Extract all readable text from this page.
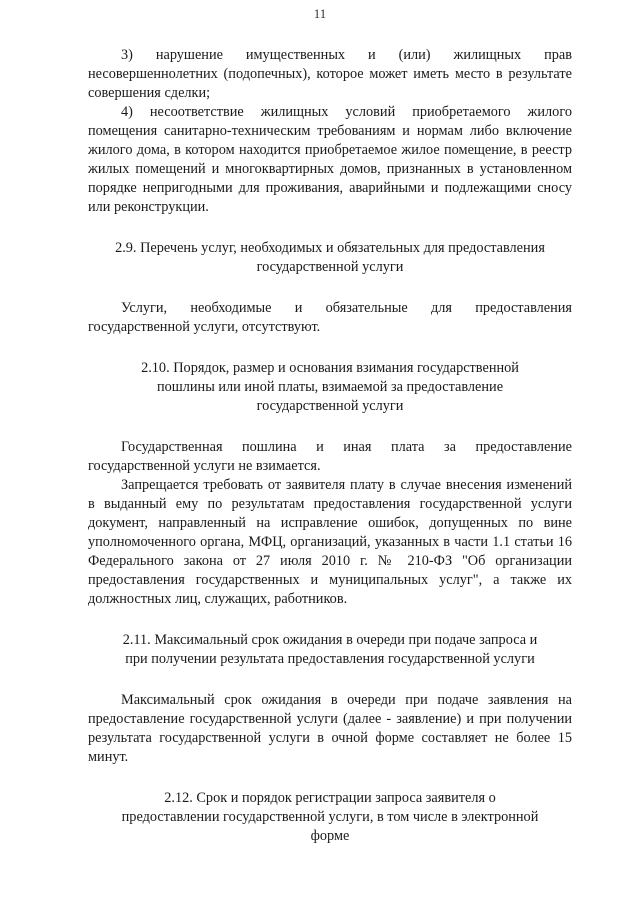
11

3) нарушение имущественных и (или) жилищных прав несовершеннолетних (подопечных), которое может иметь место в результате совершения сделки;

4) несоответствие жилищных условий приобретаемого жилого помещения санитарно-техническим требованиям и нормам либо включение жилого дома, в котором находится приобретаемое жилое помещение, в реестр жилых помещений и многоквартирных домов, признанных в установленном порядке непригодными для проживания, аварийными и подлежащими сносу или реконструкции.

2.9. Перечень услуг, необходимых и обязательных для предоставления государственной услуги

Услуги, необходимые и обязательные для предоставления государственной услуги, отсутствуют.

2.10. Порядок, размер и основания взимания государственной пошлины или иной платы, взимаемой за предоставление государственной услуги

Государственная пошлина и иная плата за предоставление государственной услуги не взимается.

Запрещается требовать от заявителя плату в случае внесения изменений в выданный ему по результатам предоставления государственной услуги документ, направленный на исправление ошибок, допущенных по вине уполномоченного органа, МФЦ, организаций, указанных в части 1.1 статьи 16 Федерального закона от 27 июля 2010 г. № 210-ФЗ "Об организации предоставления государственных и муниципальных услуг", а также их должностных лиц, служащих, работников.

2.11. Максимальный срок ожидания в очереди при подаче запроса и при получении результата предоставления государственной услуги

Максимальный срок ожидания в очереди при подаче заявления на предоставление государственной услуги (далее - заявление) и при получении результата государственной услуги в очной форме составляет не более 15 минут.

2.12. Срок и порядок регистрации запроса заявителя о предоставлении государственной услуги, в том числе в электронной форме
